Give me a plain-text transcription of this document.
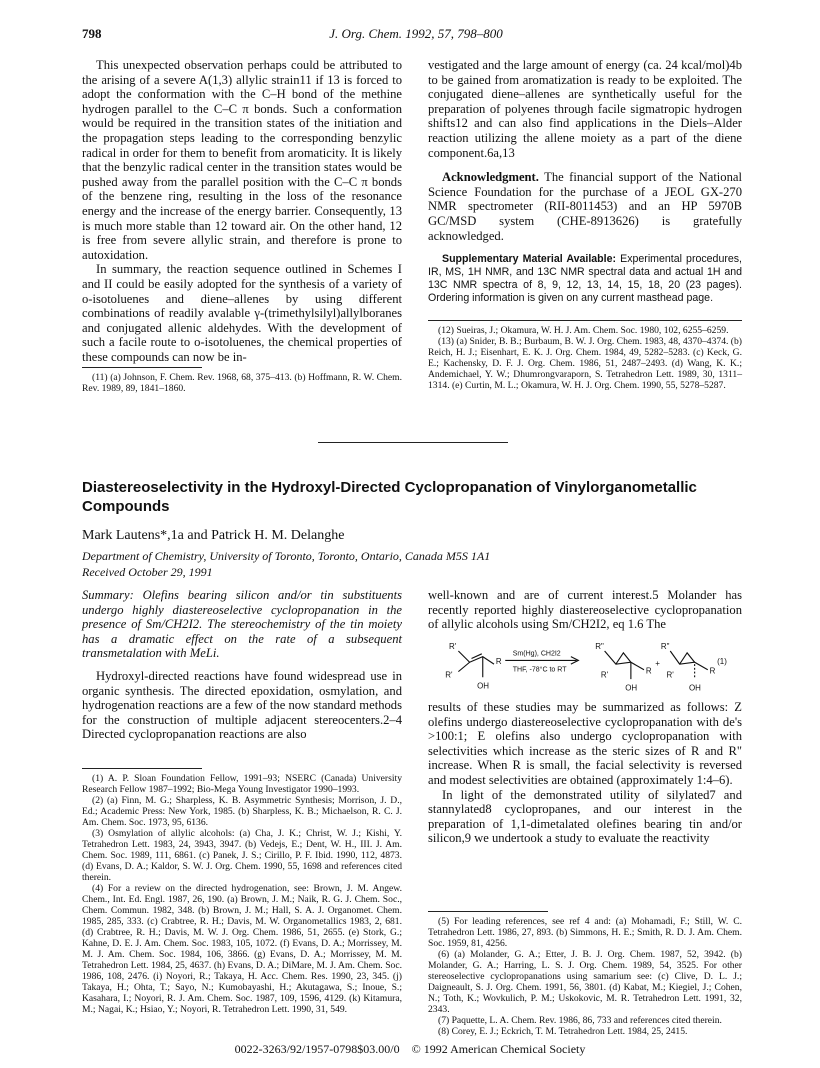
798	J. Org. Chem. 1992, 57, 798–800

This unexpected observation perhaps could be attributed to the arising of a severe A(1,3) allylic strain11 if 13 is forced to adopt the conformation with the C–H bond of the methine hydrogen parallel to the C–C π bonds. Such a conformation would be required in the transition states of the initiation and the propagation steps leading to the corresponding benzylic radical in order for them to benefit from aromaticity. It is likely that the benzylic radical center in the transition states would be pushed away from the parallel position with the C–C π bonds of the benzene ring, resulting in the loss of the resonance energy and the increase of the energy barrier. Consequently, 13 is much more stable than 12 toward air. On the other hand, 12 is free from severe allylic strain, and therefore is prone to autoxidation.

In summary, the reaction sequence outlined in Schemes I and II could be easily adopted for the synthesis of a variety of o-isotoluenes and diene–allenes by using different combinations of readily avalable γ-(trimethylsilyl)allylboranes and conjugated allenic aldehydes. With the development of such a facile route to o-isotoluenes, the chemical properties of these compounds can now be in-

(11) (a) Johnson, F. Chem. Rev. 1968, 68, 375–413. (b) Hoffmann, R. W. Chem. Rev. 1989, 89, 1841–1860.

vestigated and the large amount of energy (ca. 24 kcal/mol)4b to be gained from aromatization is ready to be exploited. The conjugated diene–allenes are synthetically useful for the preparation of polyenes through facile sigmatropic hydrogen shifts12 and can also find applications in the Diels–Alder reaction utilizing the allene moiety as a part of the diene component.6a,13

Acknowledgment. The financial support of the National Science Foundation for the purchase of a JEOL GX-270 NMR spectrometer (RII-8011453) and an HP 5970B GC/MSD system (CHE-8913626) is gratefully acknowledged.

Supplementary Material Available: Experimental procedures, IR, MS, 1H NMR, and 13C NMR spectral data and actual 1H and 13C NMR spectra of 8, 9, 12, 13, 14, 15, 18, 20 (23 pages). Ordering information is given on any current masthead page.

(12) Sueiras, J.; Okamura, W. H. J. Am. Chem. Soc. 1980, 102, 6255–6259.

(13) (a) Snider, B. B.; Burbaum, B. W. J. Org. Chem. 1983, 48, 4370–4374. (b) Reich, H. J.; Eisenhart, E. K. J. Org. Chem. 1984, 49, 5282–5283. (c) Keck, G. E.; Kachensky, D. F. J. Org. Chem. 1986, 51, 2487–2493. (d) Wang, K. K.; Andemichael, Y. W.; Dhumrongvaraporn, S. Tetrahedron Lett. 1989, 30, 1311–1314. (e) Curtin, M. L.; Okamura, W. H. J. Org. Chem. 1990, 55, 5278–5287.

Diastereoselectivity in the Hydroxyl-Directed Cyclopropanation of Vinylorganometallic Compounds
Mark Lautens*,1a and Patrick H. M. Delanghe
Department of Chemistry, University of Toronto, Toronto, Ontario, Canada M5S 1A1
Received October 29, 1991

Summary: Olefins bearing silicon and/or tin substituents undergo highly diastereoselective cyclopropanation in the presence of Sm/CH2I2. The stereochemistry of the tin moiety has a dramatic effect on the rate of a subsequent transmetalation with MeLi.

Hydroxyl-directed reactions have found widespread use in organic synthesis. The directed epoxidation, osmylation, and hydrogenation reactions are a few of the now standard methods for the construction of multiple adjacent stereocenters.2–4 Directed cyclopropanation reactions are also

(1) A. P. Sloan Foundation Fellow, 1991–93; NSERC (Canada) University Research Fellow 1987–1992; Bio-Mega Young Investigator 1990–1993.

(2) (a) Finn, M. G.; Sharpless, K. B. Asymmetric Synthesis; Morrison, J. D., Ed.; Academic Press: New York, 1985. (b) Sharpless, K. B.; Michaelson, R. C. J. Am. Chem. Soc. 1973, 95, 6136.

(3) Osmylation of allylic alcohols: (a) Cha, J. K.; Christ, W. J.; Kishi, Y. Tetrahedron Lett. 1983, 24, 3943, 3947. (b) Vedejs, E.; Dent, W. H., III. J. Am. Chem. Soc. 1989, 111, 6861. (c) Panek, J. S.; Cirillo, P. F. Ibid. 1990, 112, 4873. (d) Evans, D. A.; Kaldor, S. W. J. Org. Chem. 1990, 55, 1698 and references cited therein.

(4) For a review on the directed hydrogenation, see: Brown, J. M. Angew. Chem., Int. Ed. Engl. 1987, 26, 190. (a) Brown, J. M.; Naik, R. G. J. Chem. Soc., Chem. Commun. 1982, 348. (b) Brown, J. M.; Hall, S. A. J. Organomet. Chem. 1985, 285, 333. (c) Crabtree, R. H.; Davis, M. W. Organometallics 1983, 2, 681. (d) Crabtree, R. H.; Davis, M. W. J. Org. Chem. 1986, 51, 2655. (e) Stork, G.; Kahne, D. E. J. Am. Chem. Soc. 1983, 105, 1072. (f) Evans, D. A.; Morrissey, M. M. J. Am. Chem. Soc. 1984, 106, 3866. (g) Evans, D. A.; Morrissey, M. M. Tetrahedron Lett. 1984, 25, 4637. (h) Evans, D. A.; DiMare, M. J. Am. Chem. Soc. 1986, 108, 2476. (i) Noyori, R.; Takaya, H. Acc. Chem. Res. 1990, 23, 345. (j) Takaya, H.; Ohta, T.; Sayo, N.; Kumobayashi, H.; Akutagawa, S.; Inoue, S.; Kasahara, I.; Noyori, R. J. Am. Chem. Soc. 1987, 109, 1596, 4129. (k) Kitamura, M.; Nagai, K.; Hsiao, Y.; Noyori, R. Tetrahedron Lett. 1990, 31, 549.

well-known and are of current interest.5 Molander has recently reported highly diastereoselective cyclopropanation of allylic alcohols using Sm/CH2I2, eq 1.6 The

R'
R'
R
OH
Sm(Hg), CH2I2
THF, -78°C to RT
R"
R'	R
OH
+
R"
R'	R
OH
(1)

results of these studies may be summarized as follows: Z olefins undergo diastereoselective cyclopropanation with de's >100:1; E olefins also undergo cyclopropanation with selectivities which increase as the steric sizes of R and R" increase. When R is small, the facial selectivity is reversed and modest selectivities are obtained (approximately 1:4–6).

In light of the demonstrated utility of silylated7 and stannylated8 cyclopropanes, and our interest in the preparation of 1,1-dimetalated olefines bearing tin and/or silicon,9 we undertook a study to evaluate the reactivity

(5) For leading references, see ref 4 and: (a) Mohamadi, F.; Still, W. C. Tetrahedron Lett. 1986, 27, 893. (b) Simmons, H. E.; Smith, R. D. J. Am. Chem. Soc. 1959, 81, 4256.

(6) (a) Molander, G. A.; Etter, J. B. J. Org. Chem. 1987, 52, 3942. (b) Molander, G. A.; Harring, L. S. J. Org. Chem. 1989, 54, 3525. For other stereoselective cyclopropanations using samarium see: (c) Clive, D. L. J.; Daigneault, S. J. Org. Chem. 1991, 56, 3801. (d) Kabat, M.; Kiegiel, J.; Cohen, N.; Toth, K.; Wovkulich, P. M.; Uskokovic, M. R. Tetrahedron Lett. 1991, 32, 2343.

(7) Paquette, L. A. Chem. Rev. 1986, 86, 733 and references cited therein.

(8) Corey, E. J.; Eckrich, T. M. Tetrahedron Lett. 1984, 25, 2415.

0022-3263/92/1957-0798$03.00/0 © 1992 American Chemical Society
